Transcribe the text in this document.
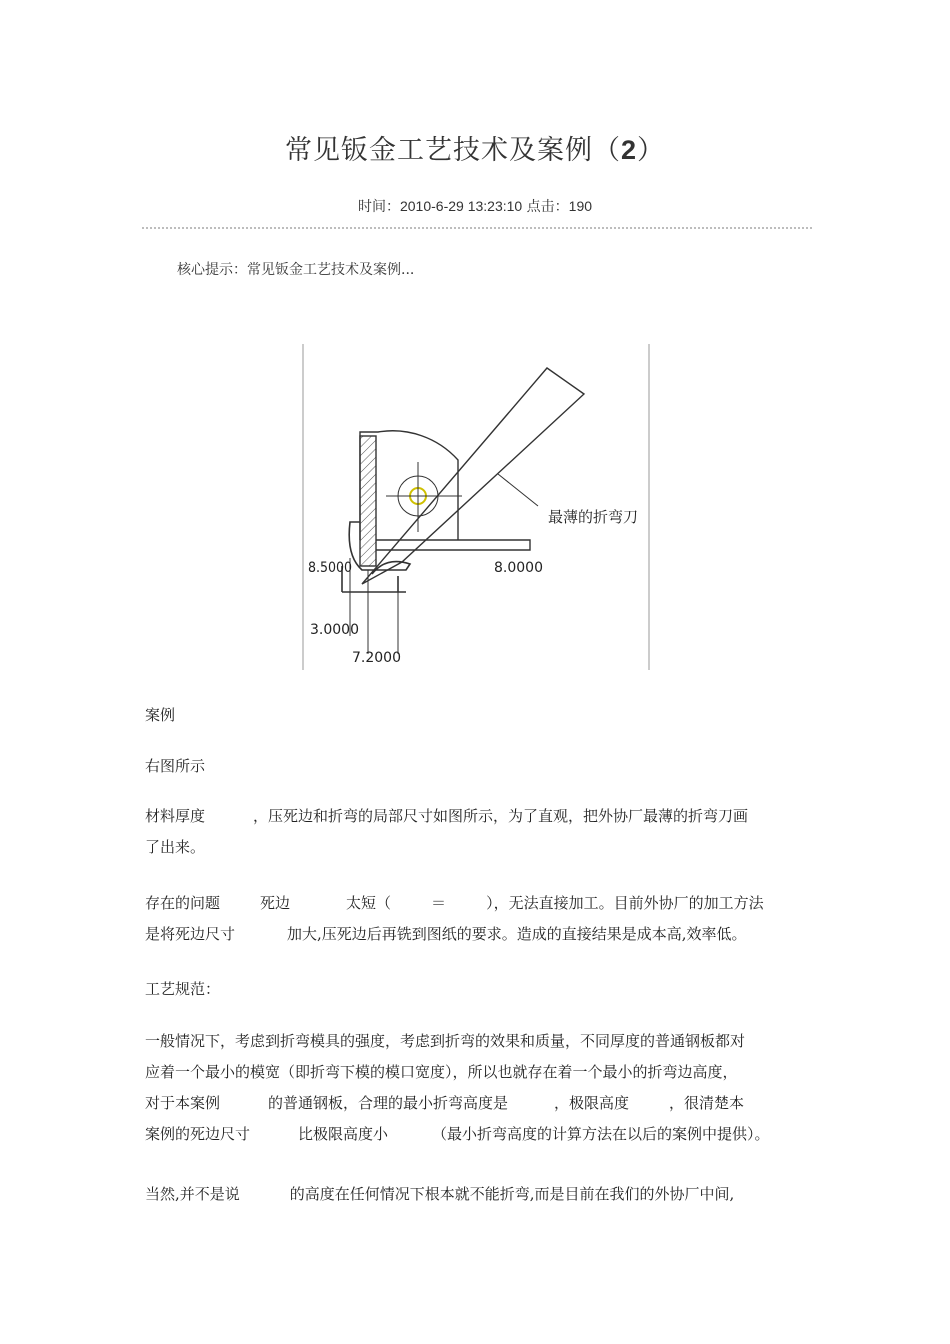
常见钣金工艺技术及案例（2）
时间：2010-6-29 13:23:10 点击：190
核心提示：常见钣金工艺技术及案例...
8.5000	8.0000
3.0000
7.2000
最薄的折弯刀
案例
右图所示
材料厚度	，压死边和折弯的局部尺寸如图所示，为了直观，把外协厂最薄的折弯刀画
了出来。
存在的问题	死边	太短（	＝	），无法直接加工。目前外协厂的加工方法
是将死边尺寸	加大,压死边后再铣到图纸的要求。造成的直接结果是成本高,效率低。
工艺规范：
一般情况下，考虑到折弯模具的强度，考虑到折弯的效果和质量，不同厚度的普通钢板都对
应着一个最小的模宽（即折弯下模的模口宽度），所以也就存在着一个最小的折弯边高度，
对于本案例	的普通钢板，合理的最小折弯高度是	，极限高度	，很清楚本
案例的死边尺寸	比极限高度小	（最小折弯高度的计算方法在以后的案例中提供）。
当然,并不是说	的高度在任何情况下根本就不能折弯,而是目前在我们的外协厂中间,
